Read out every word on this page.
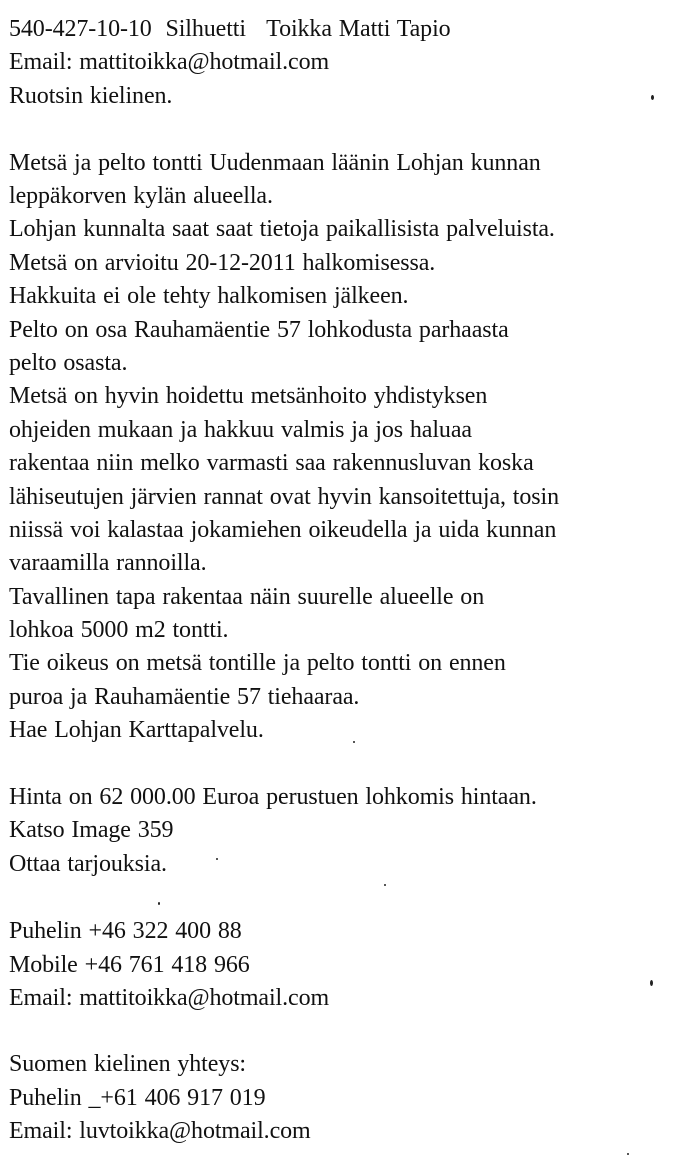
540-427-10-10  Silhuetti   Toikka Matti Tapio
Email: mattitoikka@hotmail.com
Ruotsin kielinen.
Metsä ja pelto tontti Uudenmaan läänin Lohjan kunnan
leppäkorven kylän alueella.
Lohjan kunnalta saat saat tietoja paikallisista palveluista.
Metsä on arvioitu 20-12-2011 halkomisessa.
Hakkuita ei ole tehty halkomisen jälkeen.
Pelto on osa Rauhamäentie 57 lohkodusta parhaasta
pelto osasta.
Metsä on hyvin hoidettu metsänhoito yhdistyksen
ohjeiden mukaan ja hakkuu valmis ja jos haluaa
rakentaa niin melko varmasti saa rakennusluvan koska
lähiseutujen järvien rannat ovat hyvin kansoitettuja, tosin
niissä voi kalastaa jokamiehen oikeudella ja uida kunnan
varaamilla rannoilla.
Tavallinen tapa rakentaa näin suurelle alueelle on
lohkoa 5000 m2 tontti.
Tie oikeus on metsä tontille ja pelto tontti on ennen
puroa ja Rauhamäentie 57 tiehaaraa.
Hae Lohjan Karttapalvelu.
Hinta on 62 000.00 Euroa perustuen lohkomis hintaan.
Katso Image 359
Ottaa tarjouksia.
Puhelin +46 322 400 88
Mobile +46 761 418 966
Email: mattitoikka@hotmail.com
Suomen kielinen yhteys:
Puhelin _+61 406 917 019
Email: luvtoikka@hotmail.com
